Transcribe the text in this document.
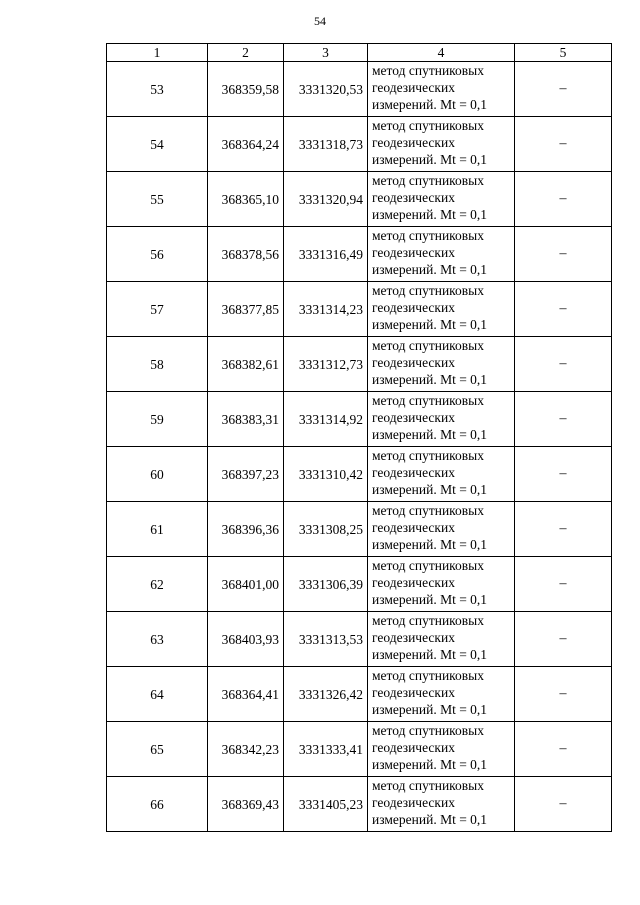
54
1	2	3	4	5
53	368359,58	3331320,53	метод спутниковых
геодезических
измерений. Mt = 0,1	–
54	368364,24	3331318,73	метод спутниковых
геодезических
измерений. Mt = 0,1	–
55	368365,10	3331320,94	метод спутниковых
геодезических
измерений. Mt = 0,1	–
56	368378,56	3331316,49	метод спутниковых
геодезических
измерений. Mt = 0,1	–
57	368377,85	3331314,23	метод спутниковых
геодезических
измерений. Mt = 0,1	–
58	368382,61	3331312,73	метод спутниковых
геодезических
измерений. Mt = 0,1	–
59	368383,31	3331314,92	метод спутниковых
геодезических
измерений. Mt = 0,1	–
60	368397,23	3331310,42	метод спутниковых
геодезических
измерений. Mt = 0,1	–
61	368396,36	3331308,25	метод спутниковых
геодезических
измерений. Mt = 0,1	–
62	368401,00	3331306,39	метод спутниковых
геодезических
измерений. Mt = 0,1	–
63	368403,93	3331313,53	метод спутниковых
геодезических
измерений. Mt = 0,1	–
64	368364,41	3331326,42	метод спутниковых
геодезических
измерений. Mt = 0,1	–
65	368342,23	3331333,41	метод спутниковых
геодезических
измерений. Mt = 0,1	–
66	368369,43	3331405,23	метод спутниковых
геодезических
измерений. Mt = 0,1	–
